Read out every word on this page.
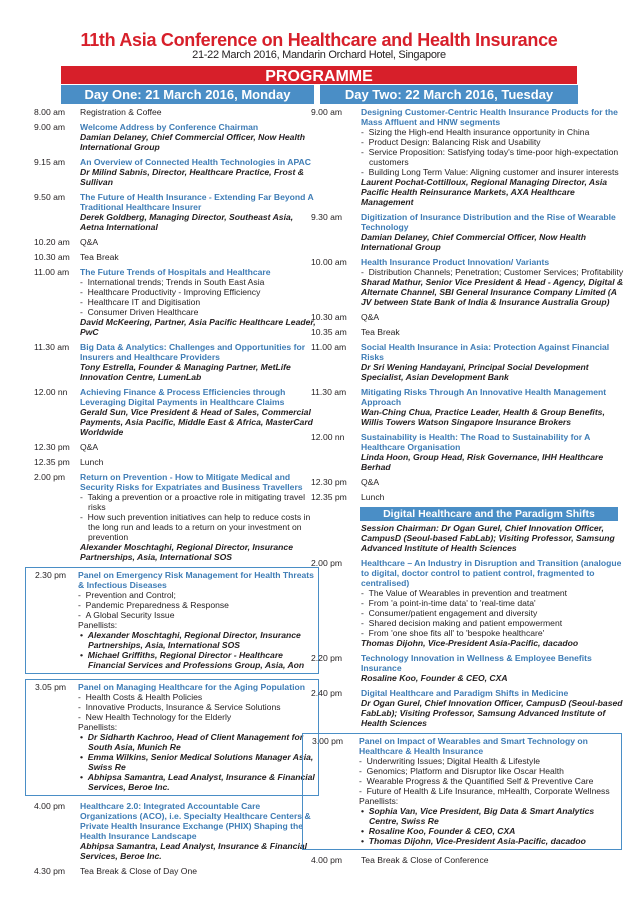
11th Asia Conference on Healthcare and Health Insurance
21-22 March 2016, Mandarin Orchard Hotel, Singapore
PROGRAMME
Day One: 21 March 2016, Monday	Day Two: 22 March 2016, Tuesday
8.00 am	Registration & Coffee
9.00 am	Welcome Address by Conference Chairman
Damian Delaney, Chief Commercial Officer, Now Health International Group
9.15 am	An Overview of Connected Health Technologies in APAC
Dr Milind Sabnis, Director, Healthcare Practice, Frost & Sullivan
9.50 am	The Future of Health Insurance - Extending Far Beyond A Traditional Healthcare Insurer
Derek Goldberg, Managing Director, Southeast Asia, Aetna International
10.20 am	Q&A
10.30 am	Tea Break
11.00 am	The Future Trends of Hospitals and Healthcare
-  International trends; Trends in South East Asia
-  Healthcare Productivity - Improving Efficiency
-  Healthcare IT and Digitisation
-  Consumer Driven Healthcare
David McKeering, Partner, Asia Pacific Healthcare Leader, PwC
11.30 am	Big Data & Analytics: Challenges and Opportunities for Insurers and Healthcare Providers
Tony Estrella, Founder & Managing Partner, MetLife Innovation Centre, LumenLab
12.00 nn	Achieving Finance & Process Efficiencies through Leveraging Digital Payments in Healthcare Claims
Gerald Sun, Vice President & Head of Sales, Commercial Payments, Asia Pacific, Middle East & Africa, MasterCard Worldwide
12.30 pm	Q&A
12.35 pm	Lunch
2.00 pm	Return on Prevention - How to Mitigate Medical and Security Risks for Expatriates and Business Travellers
-  Taking a prevention or a proactive role in mitigating travel risks
-  How such prevention initiatives can help to reduce costs in the long run and leads to a return on your investment on prevention
Alexander Moschtaghi, Regional Director, Insurance Partnerships, Asia, International SOS
2.30 pm	Panel on Emergency Risk Management for Health Threats & Infectious Diseases
-  Prevention and Control;
-  Pandemic Preparedness & Response
-  A Global Security Issue
Panellists:
•  Alexander Moschtaghi, Regional Director, Insurance Partnerships, Asia, International SOS
•  Michael Griffiths, Regional Director - Healthcare Financial Services and Professions Group, Asia, Aon
3.05 pm	Panel on Managing Healthcare for the Aging Population
-  Health Costs & Health Policies
-  Innovative Products, Insurance & Service Solutions
-  New Health Technology for the Elderly
Panellists:
•  Dr Sidharth Kachroo, Head of Client Management for South Asia, Munich Re
•  Emma Wilkins, Senior Medical Solutions Manager Asia, Swiss Re
•  Abhipsa Samantra, Lead Analyst, Insurance & Financial Services, Beroe Inc.
4.00 pm	Healthcare 2.0: Integrated Accountable Care Organizations (ACO), i.e. Specialty Healthcare Centers & Private Health Insurance Exchange (PHIX) Shaping the Health Insurance Landscape
Abhipsa Samantra, Lead Analyst, Insurance & Financial Services, Beroe Inc.
4.30 pm	Tea Break & Close of Day One
9.00 am	Designing Customer-Centric Health Insurance Products for the Mass Affluent and HNW segments
-  Sizing the High-end Health insurance opportunity in China
-  Product Design: Balancing Risk and Usability
-  Service Proposition: Satisfying today's time-poor high-expectation customers
-  Building Long Term Value: Aligning customer and insurer interests
Laurent Pochat-Cottilloux, Regional Managing Director, Asia Pacific Health Reinsurance Markets, AXA Healthcare Management
9.30 am	Digitization of Insurance Distribution and the Rise of Wearable Technology
Damian Delaney, Chief Commercial Officer, Now Health International Group
10.00 am	Health Insurance Product Innovation/ Variants
-  Distribution Channels; Penetration; Customer Services; Profitability
Sharad Mathur, Senior Vice President & Head - Agency, Digital & Alternate Channel, SBI General Insurance Company Limited (A JV between State Bank of India & Insurance Australia Group)
10.30 am	Q&A
10.35 am	Tea Break
11.00 am	Social Health Insurance in Asia: Protection Against Financial Risks
Dr Sri Wening Handayani, Principal Social Development Specialist, Asian Development Bank
11.30 am	Mitigating Risks Through An Innovative Health Management Approach
Wan-Ching Chua, Practice Leader, Health & Group Benefits, Willis Towers Watson Singapore Insurance Brokers
12.00 nn	Sustainability is Health: The Road to Sustainability for A Healthcare Organisation
Linda Hoon, Group Head, Risk Governance, IHH Healthcare Berhad
12.30 pm	Q&A
12.35 pm	Lunch
Digital Healthcare and the Paradigm Shifts
Session Chairman: Dr Ogan Gurel, Chief Innovation Officer, CampusD (Seoul-based FabLab); Visiting Professor, Samsung Advanced Institute of Health Sciences
2.00 pm	Healthcare – An Industry in Disruption and Transition (analogue to digital, doctor control to patient control, fragmented to centralised)
-  The Value of Wearables in prevention and treatment
-  From 'a point-in-time data' to 'real-time data'
-  Consumer/patient engagement and diversity
-  Shared decision making and patient empowerment
-  From 'one shoe fits all' to 'bespoke healthcare'
Thomas Dijohn, Vice-President Asia-Pacific, dacadoo
2.20 pm	Technology Innovation in Wellness & Employee Benefits Insurance
Rosaline Koo, Founder & CEO, CXA
2.40 pm	Digital Healthcare and Paradigm Shifts in Medicine
Dr Ogan Gurel, Chief Innovation Officer, CampusD (Seoul-based FabLab); Visiting Professor, Samsung Advanced Institute of Health Sciences
3.00 pm	Panel on Impact of Wearables and Smart Technology on Healthcare & Health Insurance
-  Underwriting Issues; Digital Health & Lifestyle
-  Genomics; Platform and Disruptor like Oscar Health
-  Wearable Progress & the Quantified Self & Preventive Care
-  Future of Health & Life Insurance, mHealth, Corporate Wellness
Panellists:
•  Sophia Van, Vice President, Big Data & Smart Analytics Centre, Swiss Re
•  Rosaline Koo, Founder & CEO, CXA
•  Thomas Dijohn, Vice-President Asia-Pacific, dacadoo
4.00 pm	Tea Break & Close of Conference
